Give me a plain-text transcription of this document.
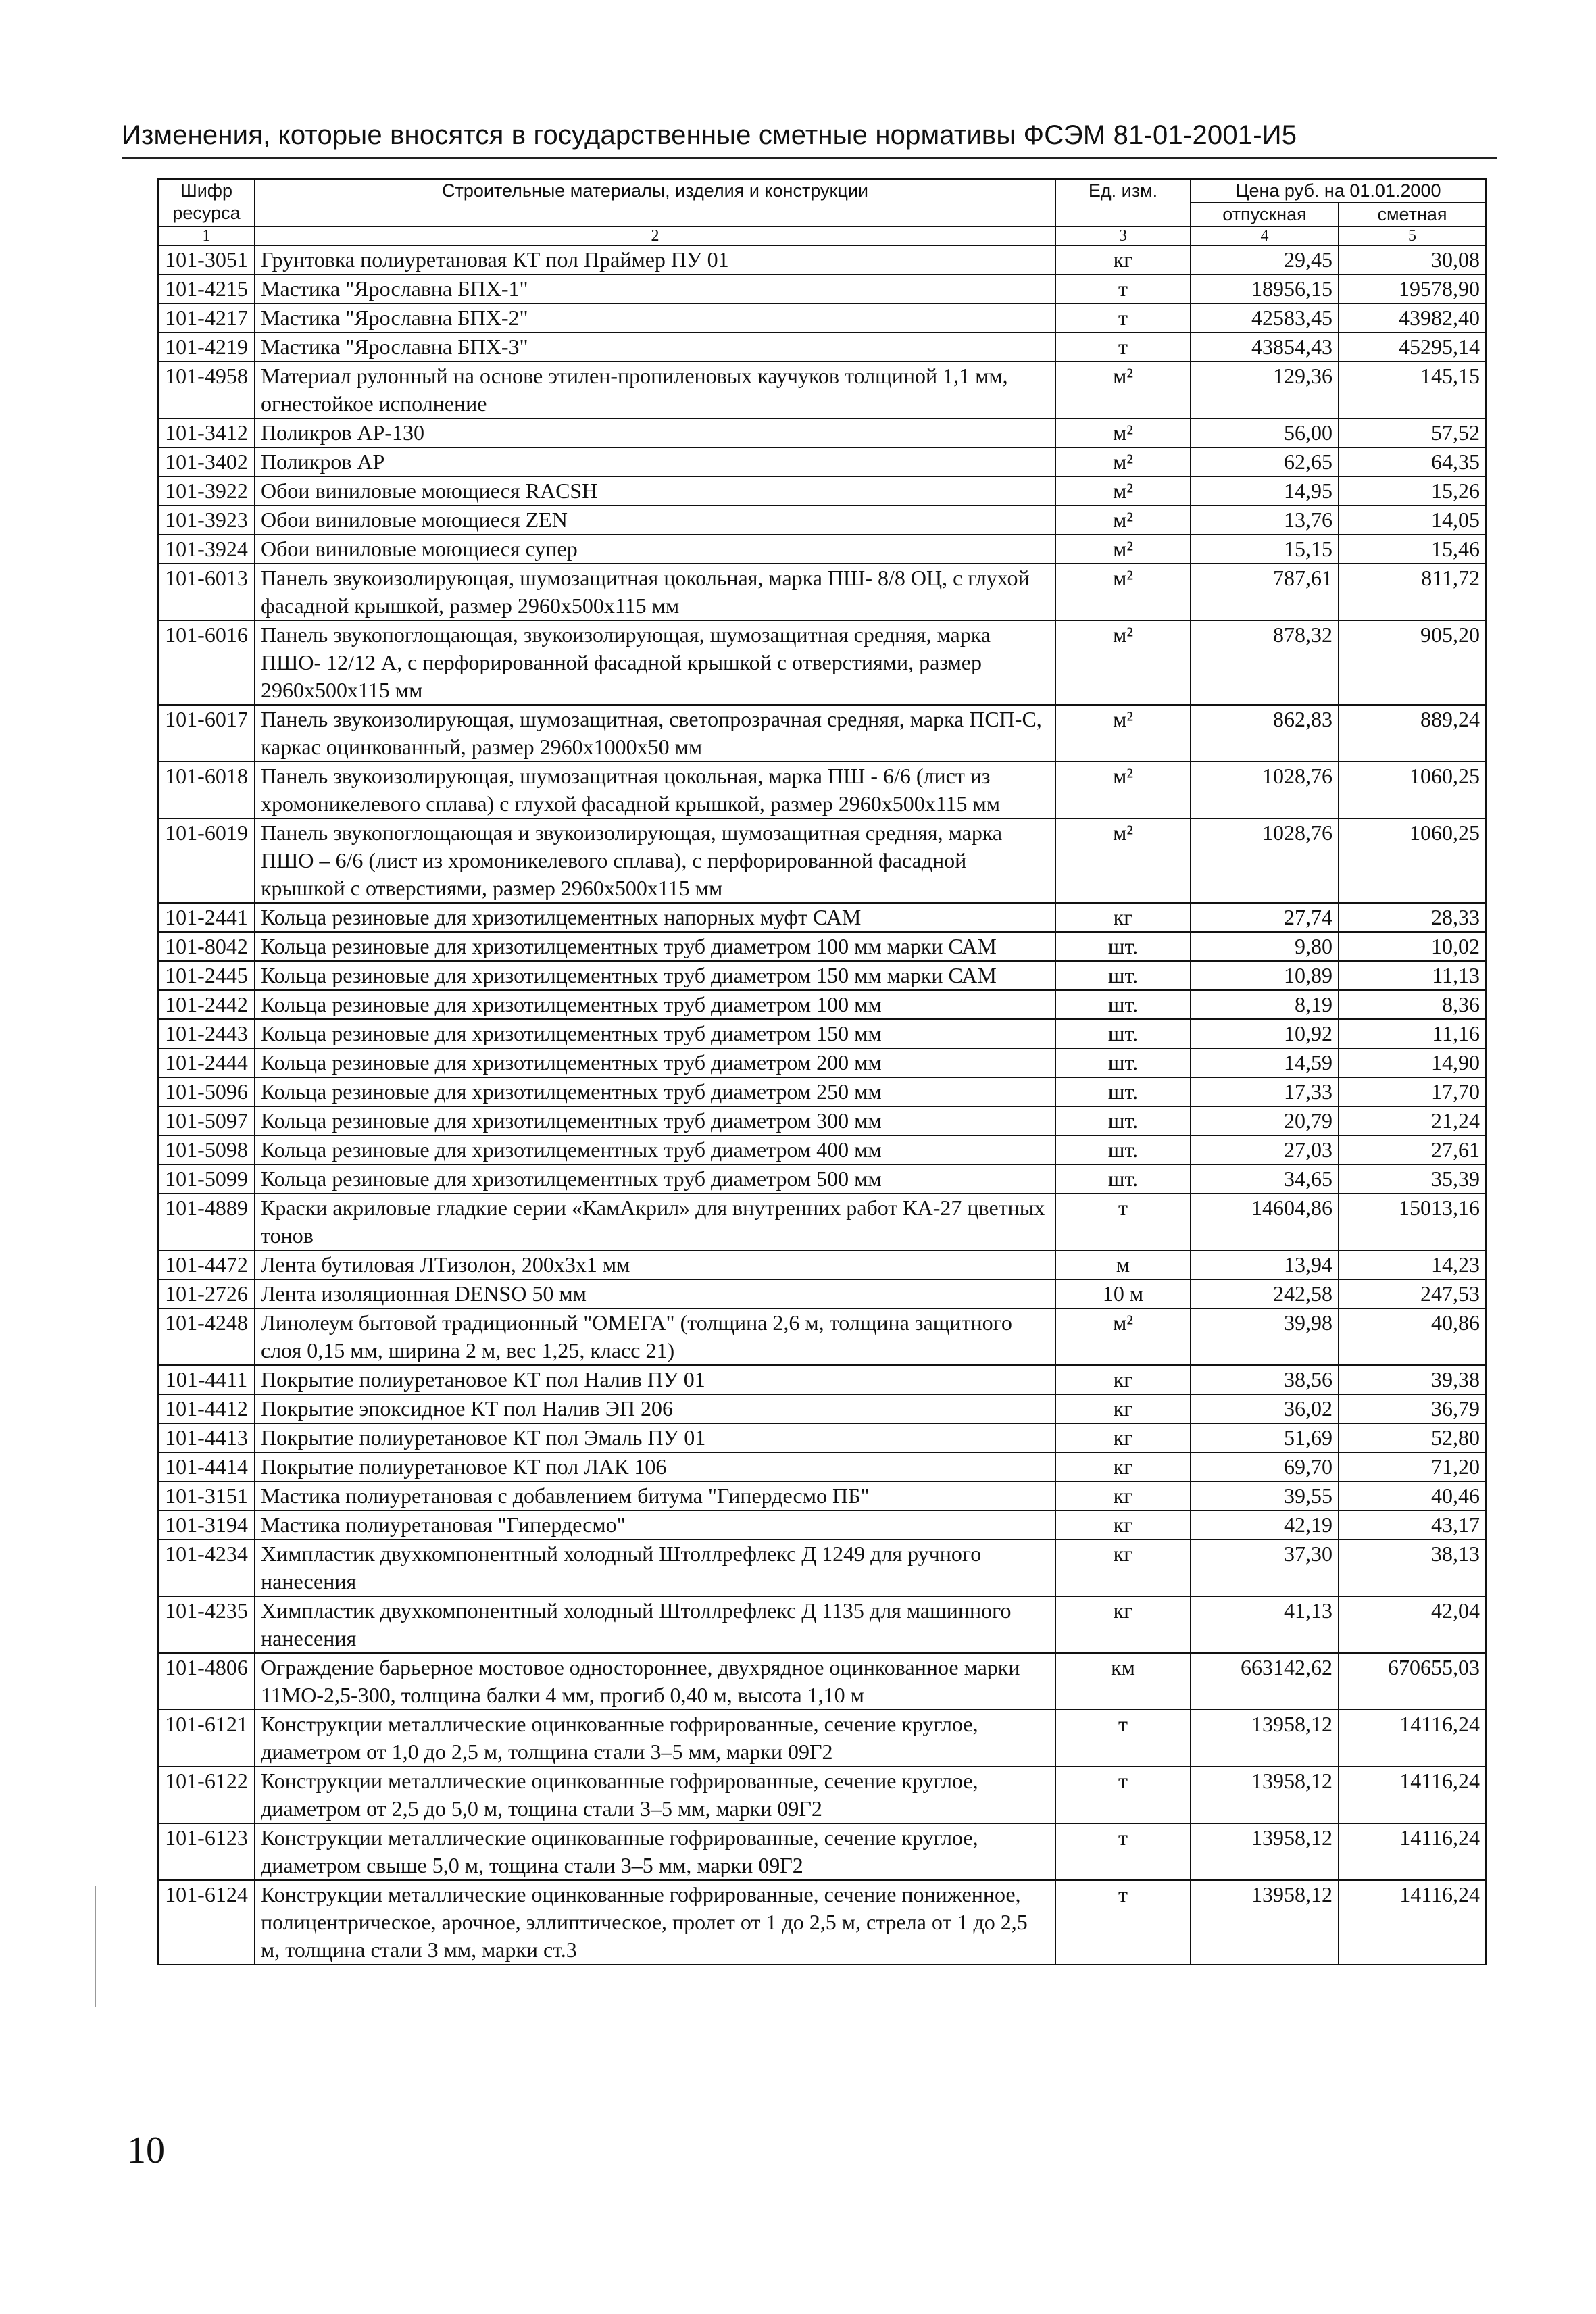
Изменения, которые вносятся в государственные сметные нормативы ФСЭМ 81-01-2001-И5
Шифр ресурса	Строительные материалы, изделия и конструкции	Ед. изм.	Цена руб. на 01.01.2000	
			отпускная	сметная
1	2	3	4	5
101-3051	Грунтовка полиуретановая КТ пол Праймер ПУ 01	кг	29,45	30,08
101-4215	Мастика "Ярославна БПХ-1"	т	18956,15	19578,90
101-4217	Мастика "Ярославна БПХ-2"	т	42583,45	43982,40
101-4219	Мастика "Ярославна БПХ-3"	т	43854,43	45295,14
101-4958	Материал рулонный на основе этилен-пропиленовых каучуков толщиной 1,1 мм, огнестойкое исполнение	м²	129,36	145,15
101-3412	Поликров АР-130	м²	56,00	57,52
101-3402	Поликров АР	м²	62,65	64,35
101-3922	Обои виниловые моющиеся RACSH	м²	14,95	15,26
101-3923	Обои виниловые моющиеся ZEN	м²	13,76	14,05
101-3924	Обои виниловые моющиеся супер	м²	15,15	15,46
101-6013	Панель звукоизолирующая, шумозащитная цокольная, марка ПШ- 8/8 ОЦ, с глухой фасадной крышкой, размер 2960х500х115 мм	м²	787,61	811,72
101-6016	Панель звукопоглощающая, звукоизолирующая, шумозащитная средняя, марка ПШО- 12/12 А, с перфорированной фасадной крышкой с отверстиями, размер 2960х500х115 мм	м²	878,32	905,20
101-6017	Панель звукоизолирующая, шумозащитная, светопрозрачная средняя, марка ПСП-С, каркас оцинкованный, размер 2960х1000х50 мм	м²	862,83	889,24
101-6018	Панель звукоизолирующая, шумозащитная цокольная, марка ПШ - 6/6 (лист из хромоникелевого сплава) с глухой фасадной крышкой, размер 2960х500х115 мм	м²	1028,76	1060,25
101-6019	Панель звукопоглощающая и звукоизолирующая, шумозащитная средняя, марка ПШО – 6/6 (лист из хромоникелевого сплава), с перфорированной фасадной крышкой с отверстиями, размер 2960х500х115 мм	м²	1028,76	1060,25
101-2441	Кольца резиновые для хризотилцементных напорных муфт САМ	кг	27,74	28,33
101-8042	Кольца резиновые для хризотилцементных труб диаметром 100 мм марки САМ	шт.	9,80	10,02
101-2445	Кольца резиновые для хризотилцементных труб диаметром 150 мм марки САМ	шт.	10,89	11,13
101-2442	Кольца резиновые для хризотилцементных труб диаметром 100 мм	шт.	8,19	8,36
101-2443	Кольца резиновые для хризотилцементных труб диаметром 150 мм	шт.	10,92	11,16
101-2444	Кольца резиновые для хризотилцементных труб диаметром 200 мм	шт.	14,59	14,90
101-5096	Кольца резиновые для хризотилцементных труб диаметром 250 мм	шт.	17,33	17,70
101-5097	Кольца резиновые для хризотилцементных труб диаметром 300 мм	шт.	20,79	21,24
101-5098	Кольца резиновые для хризотилцементных труб диаметром 400 мм	шт.	27,03	27,61
101-5099	Кольца резиновые для хризотилцементных труб диаметром 500 мм	шт.	34,65	35,39
101-4889	Краски акриловые гладкие серии «КамАкрил» для внутренних работ КА-27 цветных тонов	т	14604,86	15013,16
101-4472	Лента бутиловая ЛТизолон, 200х3х1 мм	м	13,94	14,23
101-2726	Лента изоляционная DENSO 50 мм	10 м	242,58	247,53
101-4248	Линолеум бытовой традиционный "ОМЕГА" (толщина 2,6 м, толщина защитного слоя 0,15 мм, ширина 2 м, вес 1,25, класс 21)	м²	39,98	40,86
101-4411	Покрытие полиуретановое КТ пол Налив ПУ 01	кг	38,56	39,38
101-4412	Покрытие эпоксидное КТ пол Налив ЭП 206	кг	36,02	36,79
101-4413	Покрытие полиуретановое КТ пол Эмаль ПУ 01	кг	51,69	52,80
101-4414	Покрытие полиуретановое КТ пол ЛАК 106	кг	69,70	71,20
101-3151	Мастика полиуретановая с добавлением битума "Гипердесмо ПБ"	кг	39,55	40,46
101-3194	Мастика полиуретановая "Гипердесмо"	кг	42,19	43,17
101-4234	Химпластик двухкомпонентный холодный Штоллрефлекс Д 1249 для ручного нанесения	кг	37,30	38,13
101-4235	Химпластик двухкомпонентный холодный Штоллрефлекс Д 1135 для машинного нанесения	кг	41,13	42,04
101-4806	Ограждение барьерное мостовое одностороннее, двухрядное оцинкованное марки 11МО-2,5-300, толщина балки 4 мм, прогиб 0,40 м, высота 1,10 м	км	663142,62	670655,03
101-6121	Конструкции металлические оцинкованные гофрированные, сечение круглое, диаметром от 1,0 до 2,5 м, толщина стали 3–5 мм, марки 09Г2	т	13958,12	14116,24
101-6122	Конструкции металлические оцинкованные гофрированные, сечение круглое, диаметром от 2,5 до 5,0 м, тощина стали 3–5 мм, марки 09Г2	т	13958,12	14116,24
101-6123	Конструкции металлические оцинкованные гофрированные, сечение круглое, диаметром свыше 5,0 м, тощина стали 3–5 мм, марки 09Г2	т	13958,12	14116,24
101-6124	Конструкции металлические оцинкованные гофрированные, сечение пониженное, полицентрическое, арочное, эллиптическое, пролет от 1 до 2,5 м, стрела от 1 до 2,5 м, толщина стали 3 мм, марки ст.3	т	13958,12	14116,24
10
